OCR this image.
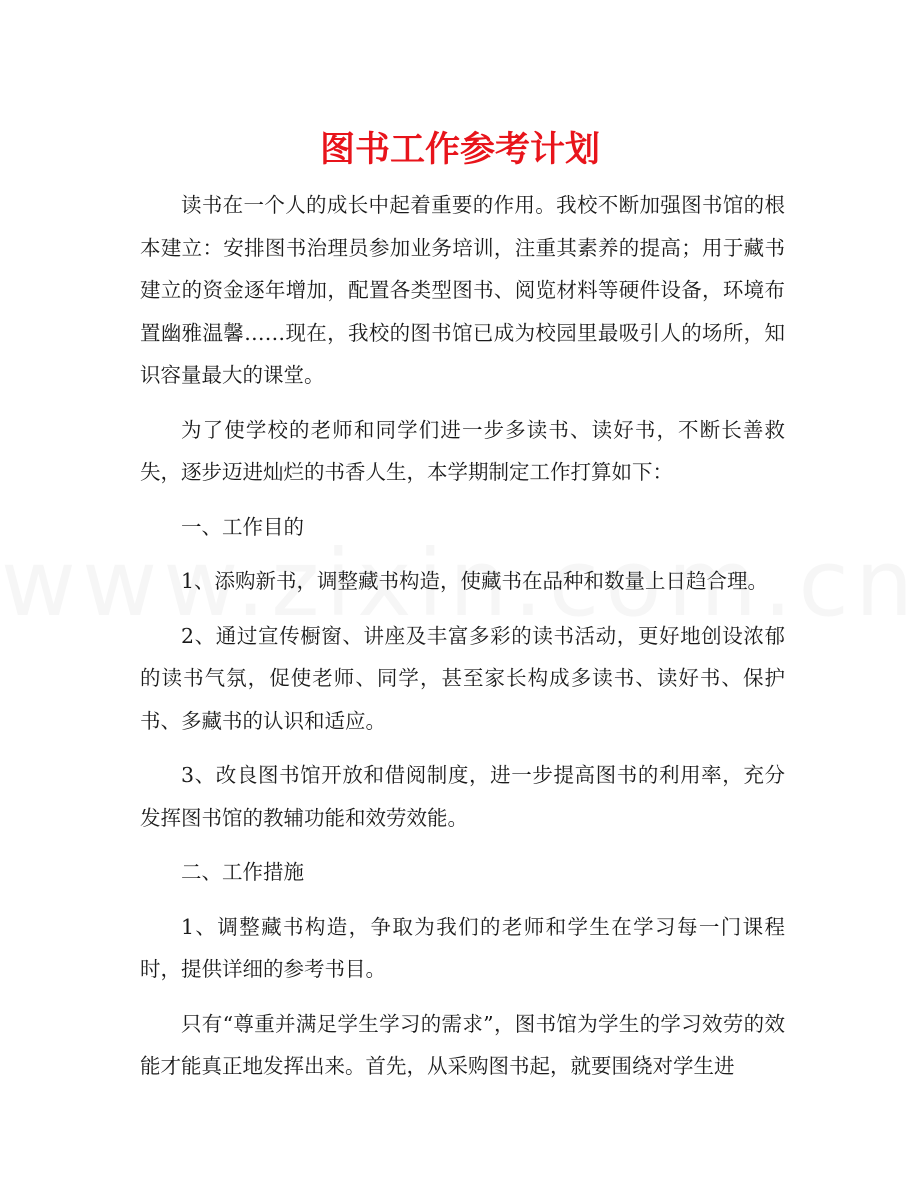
图书工作参考计划

读书在一个人的成长中起着重要的作用。我校不断加强图书馆的根本建立：安排图书治理员参加业务培训，注重其素养的提高；用于藏书建立的资金逐年增加，配置各类型图书、阅览材料等硬件设备，环境布置幽雅温馨……现在，我校的图书馆已成为校园里最吸引人的场所，知识容量最大的课堂。

为了使学校的老师和同学们进一步多读书、读好书，不断长善救失，逐步迈进灿烂的书香人生，本学期制定工作打算如下：

一、工作目的

1、添购新书，调整藏书构造，使藏书在品种和数量上日趋合理。

2、通过宣传橱窗、讲座及丰富多彩的读书活动，更好地创设浓郁的读书气氛，促使老师、同学，甚至家长构成多读书、读好书、保护书、多藏书的认识和适应。

3、改良图书馆开放和借阅制度，进一步提高图书的利用率，充分发挥图书馆的教辅功能和效劳效能。

二、工作措施

1、调整藏书构造，争取为我们的老师和学生在学习每一门课程时，提供详细的参考书目。

只有“尊重并满足学生学习的需求”，图书馆为学生的学习效劳的效能才能真正地发挥出来。首先，从采购图书起，就要围绕对学生进
